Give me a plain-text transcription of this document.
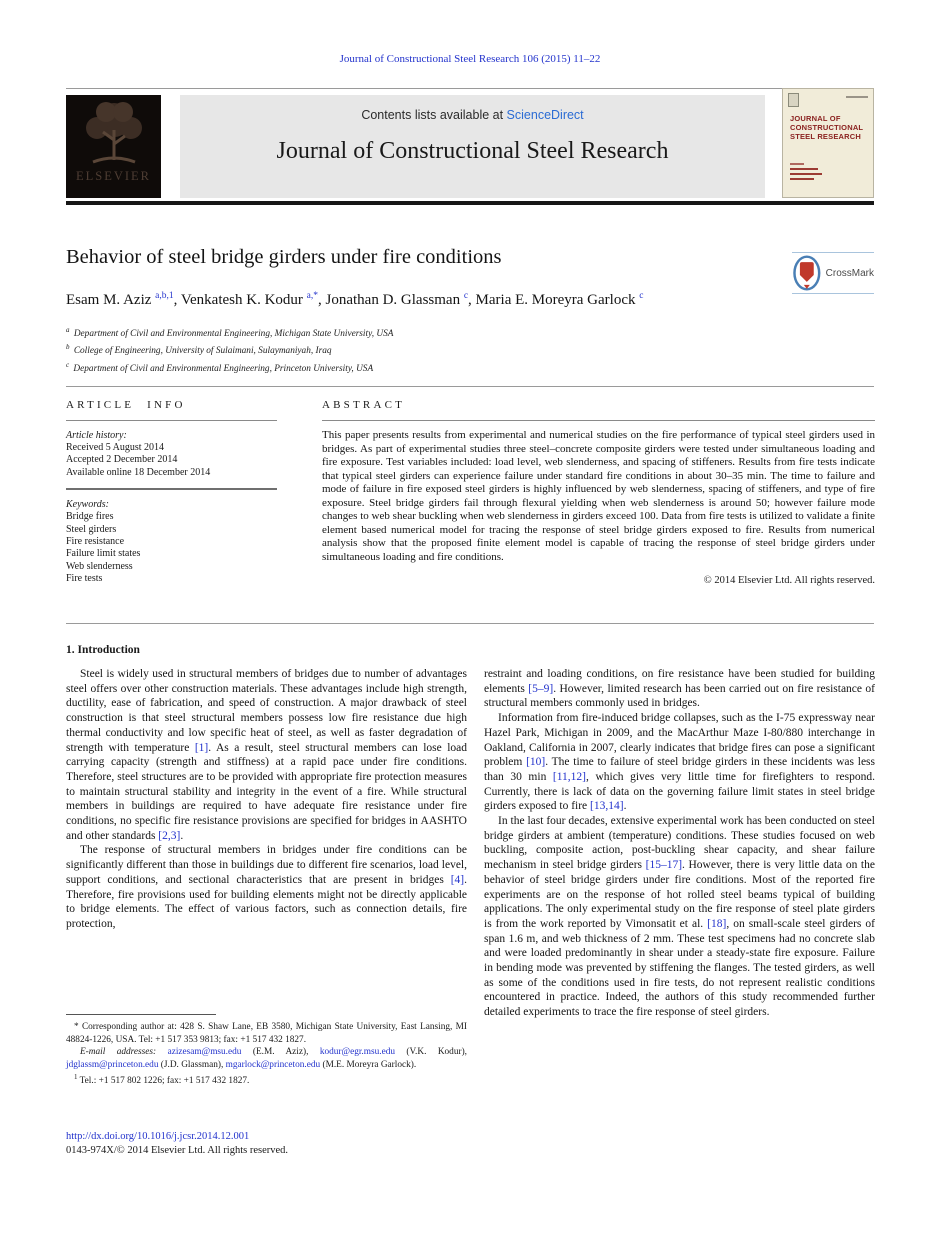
Journal of Constructional Steel Research 106 (2015) 11–22
ELSEVIER
Contents lists available at ScienceDirect
Journal of Constructional Steel Research
JOURNAL OF
CONSTRUCTIONAL
STEEL RESEARCH
Behavior of steel bridge girders under fire conditions
CrossMark
Esam M. Aziz $^{a,b,1}$, Venkatesh K. Kodur $^{a,*}$, Jonathan D. Glassman $^c$, Maria E. Moreyra Garlock $^c$
$^a$ Department of Civil and Environmental Engineering, Michigan State University, USA
$^b$ College of Engineering, University of Sulaimani, Sulaymaniyah, Iraq
$^c$ Department of Civil and Environmental Engineering, Princeton University, USA
ARTICLE INFO
Article history:
Received 5 August 2014
Accepted 2 December 2014
Available online 18 December 2014
Keywords:
Bridge fires
Steel girders
Fire resistance
Failure limit states
Web slenderness
Fire tests
ABSTRACT

This paper presents results from experimental and numerical studies on the fire performance of typical steel girders used in bridges. As part of experimental studies three steel–concrete composite girders were tested under simultaneous loading and fire exposure. Test variables included: load level, web slenderness, and spacing of stiffeners. Results from fire tests indicate that typical steel girders can experience failure under standard fire conditions in about 30–35 min. The time to failure and mode of failure in fire exposed steel girders is highly influenced by web slenderness, spacing of stiffeners, and type of fire exposure. Steel bridge girders fail through flexural yielding when web slenderness is around 50; however failure mode changes to web shear buckling when web slenderness in girders exceed 100. Data from fire tests is utilized to validate a finite element based numerical model for tracing the response of steel bridge girders exposed to fire. Results from numerical analysis show that the proposed finite element model is capable of tracing the response of steel bridge girders under simultaneous loading and fire conditions.

© 2014 Elsevier Ltd. All rights reserved.
1. Introduction

Steel is widely used in structural members of bridges due to number of advantages steel offers over other construction materials. These advantages include high strength, ductility, ease of fabrication, and speed of construction. A major drawback of steel construction is that steel structural members possess low fire resistance due high thermal conductivity and low specific heat of steel, as well as faster degradation of strength with temperature [1]. As a result, steel structural members can lose load carrying capacity (strength and stiffness) at a rapid pace under fire conditions. Therefore, steel structures are to be provided with appropriate fire protection measures to maintain structural stability and integrity in the event of a fire. While structural members in buildings are required to have adequate fire resistance under fire conditions, no specific fire resistance provisions are specified for bridges in AASHTO and other standards [2,3].

The response of structural members in bridges under fire conditions can be significantly different than those in buildings due to different fire scenarios, load level, support conditions, and sectional characteristics that are present in bridges [4]. Therefore, fire provisions used for building elements might not be directly applicable to bridge elements. The effect of various factors, such as connection details, fire protection,

restraint and loading conditions, on fire resistance have been studied for building elements [5–9]. However, limited research has been carried out on fire resistance of structural members commonly used in bridges.

Information from fire-induced bridge collapses, such as the I-75 expressway near Hazel Park, Michigan in 2009, and the MacArthur Maze I-80/880 interchange in Oakland, California in 2007, clearly indicates that bridge fires can pose a significant problem [10]. The time to failure of steel bridge girders in these incidents was less than 30 min [11,12], which gives very little time for firefighters to respond. Currently, there is lack of data on the governing failure limit states in steel bridge girders exposed to fire [13,14].

In the last four decades, extensive experimental work has been conducted on steel bridge girders at ambient (temperature) conditions. These studies focused on web buckling, composite action, post-buckling shear capacity, and shear failure mechanism in steel bridge girders [15–17]. However, there is very little data on the behavior of steel bridge girders under fire conditions. Most of the reported fire experiments are on the response of hot rolled steel beams typical of building applications. The only experimental study on the fire response of steel plate girders is from the work reported by Vimonsatit et al. [18], on small-scale steel girders of span 1.6 m, and web thickness of 2 mm. These test specimens had no concrete slab and were loaded predominantly in shear under a steady-state fire exposure. Failure in bending mode was prevented by stiffening the flanges. The tested girders, as well as some of the conditions used in fire tests, do not represent realistic conditions encountered in practice. Indeed, the authors of this study recommended further detailed experiments to trace the fire response of steel girders.

* Corresponding author at: 428 S. Shaw Lane, EB 3580, Michigan State University, East Lansing, MI 48824-1226, USA. Tel: +1 517 353 9813; fax: +1 517 432 1827.

E-mail addresses: azizesam@msu.edu (E.M. Aziz), kodur@egr.msu.edu (V.K. Kodur), jdglassm@princeton.edu (J.D. Glassman), mgarlock@princeton.edu (M.E. Moreyra Garlock).

$^1$ Tel.: +1 517 802 1226; fax: +1 517 432 1827.

http://dx.doi.org/10.1016/j.jcsr.2014.12.001
0143-974X/© 2014 Elsevier Ltd. All rights reserved.
